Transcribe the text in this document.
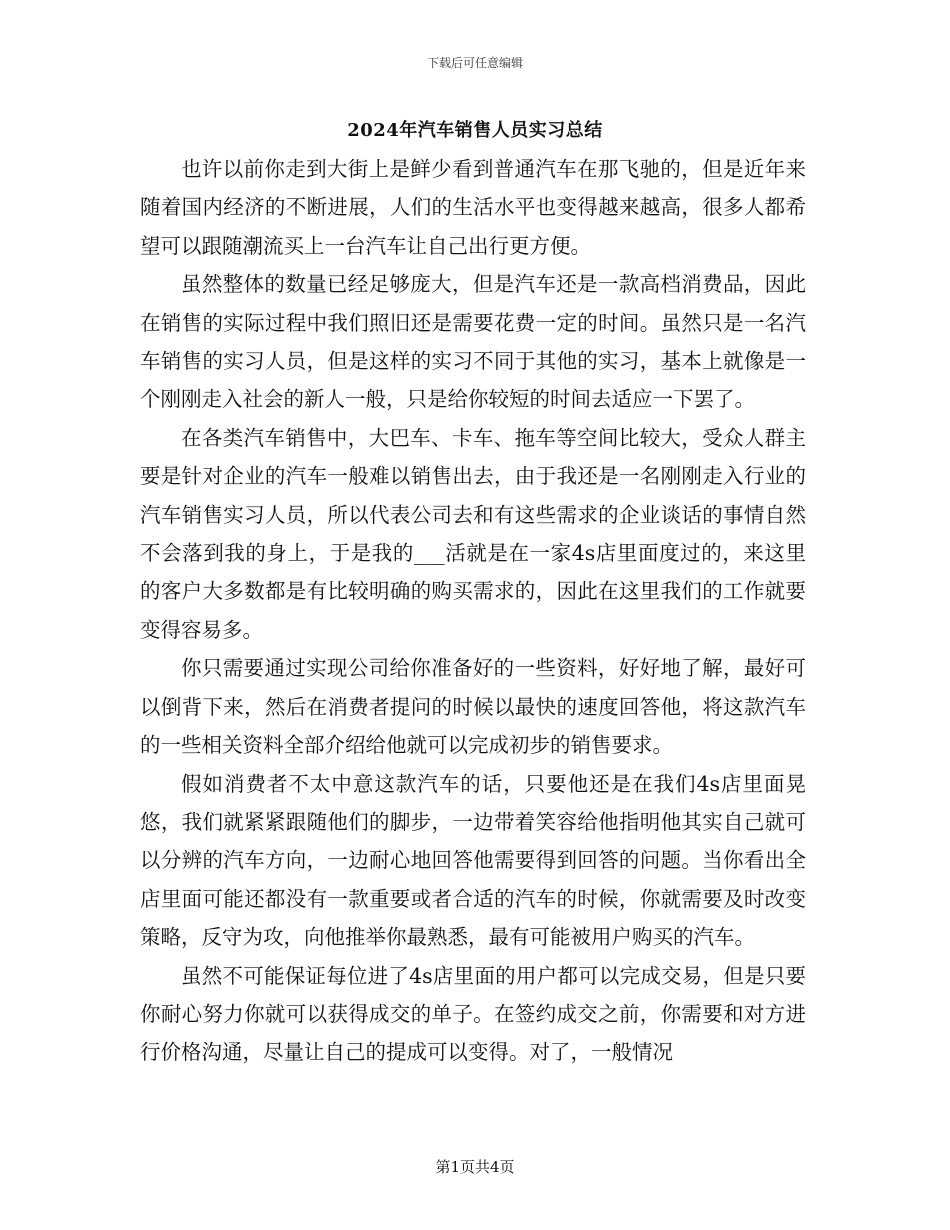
下载后可任意编辑
2024年汽车销售人员实习总结

也许以前你走到大街上是鲜少看到普通汽车在那飞驰的，但是近年来随着国内经济的不断进展，人们的生活水平也变得越来越高，很多人都希望可以跟随潮流买上一台汽车让自己出行更方便。

虽然整体的数量已经足够庞大，但是汽车还是一款高档消费品，因此在销售的实际过程中我们照旧还是需要花费一定的时间。虽然只是一名汽车销售的实习人员，但是这样的实习不同于其他的实习，基本上就像是一个刚刚走入社会的新人一般，只是给你较短的时间去适应一下罢了。

在各类汽车销售中，大巴车、卡车、拖车等空间比较大，受众人群主要是针对企业的汽车一般难以销售出去，由于我还是一名刚刚走入行业的汽车销售实习人员，所以代表公司去和有这些需求的企业谈话的事情自然不会落到我的身上，于是我的___活就是在一家4s店里面度过的，来这里的客户大多数都是有比较明确的购买需求的，因此在这里我们的工作就要变得容易多。

你只需要通过实现公司给你准备好的一些资料，好好地了解，最好可以倒背下来，然后在消费者提问的时候以最快的速度回答他，将这款汽车的一些相关资料全部介绍给他就可以完成初步的销售要求。

假如消费者不太中意这款汽车的话，只要他还是在我们4s店里面晃悠，我们就紧紧跟随他们的脚步，一边带着笑容给他指明他其实自己就可以分辨的汽车方向，一边耐心地回答他需要得到回答的问题。当你看出全店里面可能还都没有一款重要或者合适的汽车的时候，你就需要及时改变策略，反守为攻，向他推举你最熟悉，最有可能被用户购买的汽车。

虽然不可能保证每位进了4s店里面的用户都可以完成交易，但是只要你耐心努力你就可以获得成交的单子。在签约成交之前，你需要和对方进行价格沟通，尽量让自己的提成可以变得。对了，一般情况

第1页共4页
